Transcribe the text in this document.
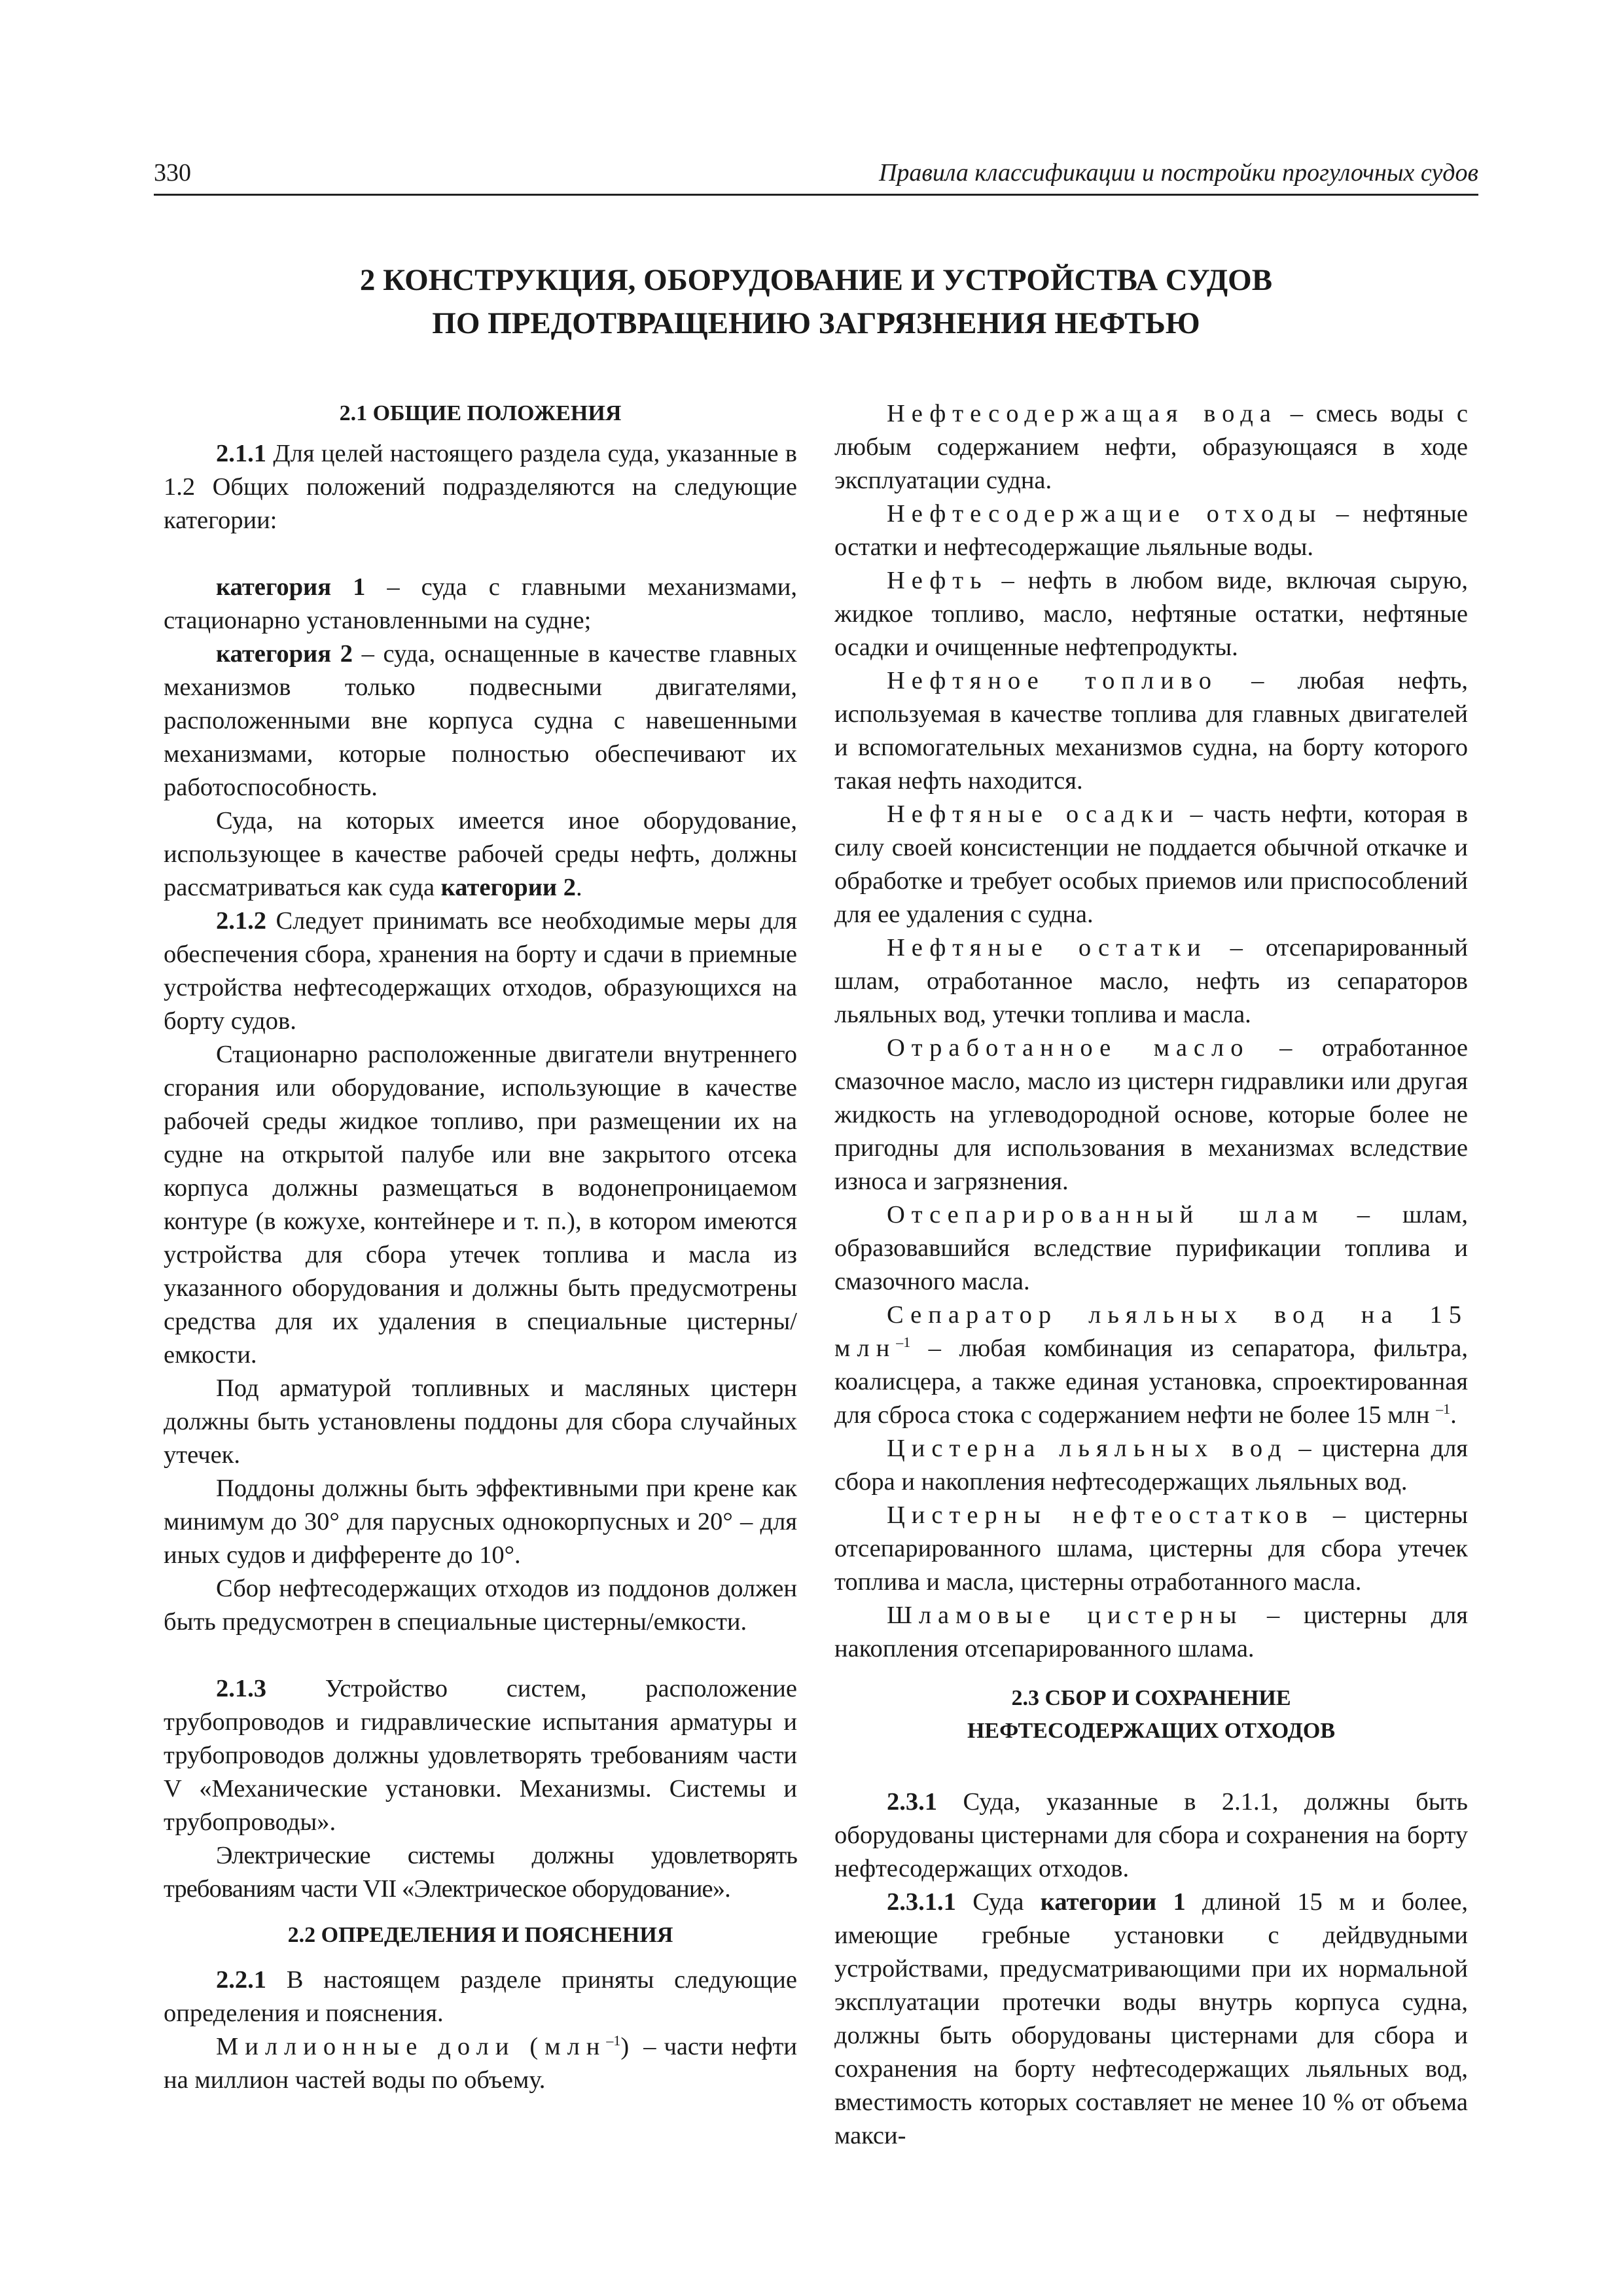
330	Правила классификации и постройки прогулочных судов
2 КОНСТРУКЦИЯ, ОБОРУДОВАНИЕ И УСТРОЙСТВА СУДОВ
ПО ПРЕДОТВРАЩЕНИЮ ЗАГРЯЗНЕНИЯ НЕФТЬЮ
2.1 ОБЩИЕ ПОЛОЖЕНИЯ

2.1.1 Для целей настоящего раздела суда, указанные в 1.2 Общих положений подразделяются на следующие категории:

категория 1 – суда с главными механизмами, стационарно установленными на судне;

категория 2 – суда, оснащенные в качестве главных механизмов только подвесными двигателями, расположенными вне корпуса судна с навешенными механизмами, которые полностью обеспечивают их работоспособность.

Суда, на которых имеется иное оборудование, использующее в качестве рабочей среды нефть, должны рассматриваться как суда категории 2.

2.1.2 Следует принимать все необходимые меры для обеспечения сбора, хранения на борту и сдачи в приемные устройства нефтесодержащих отходов, образующихся на борту судов.

Стационарно расположенные двигатели внутреннего сгорания или оборудование, использующие в качестве рабочей среды жидкое топливо, при размещении их на судне на открытой палубе или вне закрытого отсека корпуса должны размещаться в водонепроницаемом контуре (в кожухе, контейнере и т. п.), в котором имеются устройства для сбора утечек топлива и масла из указанного оборудования и должны быть предусмотрены средства для их удаления в специальные цистерны/емкости.

Под арматурой топливных и масляных цистерн должны быть установлены поддоны для сбора случайных утечек.

Поддоны должны быть эффективными при крене как минимум до 30° для парусных однокорпусных и 20° – для иных судов и дифференте до 10°.

Сбор нефтесодержащих отходов из поддонов должен быть предусмотрен в специальные цистерны/емкости.

2.1.3 Устройство систем, расположение трубопроводов и гидравлические испытания арматуры и трубопроводов должны удовлетворять требованиям части V «Механические установки. Механизмы. Системы и трубопроводы».

Электрические системы должны удовлетворять требованиям части VII «Электрическое оборудование».

2.2 ОПРЕДЕЛЕНИЯ И ПОЯСНЕНИЯ

2.2.1 В настоящем разделе приняты следующие определения и пояснения.

Миллионные доли (млн$^{-1}$) – части нефти на миллион частей воды по объему.

Нефтесодержащая вода – смесь воды с любым содержанием нефти, образующаяся в ходе эксплуатации судна.

Нефтесодержащие отходы – нефтяные остатки и нефтесодержащие льяльные воды.

Нефть – нефть в любом виде, включая сырую, жидкое топливо, масло, нефтяные остатки, нефтяные осадки и очищенные нефтепродукты.

Нефтяное топливо – любая нефть, используемая в качестве топлива для главных двигателей и вспомогательных механизмов судна, на борту которого такая нефть находится.

Нефтяные осадки – часть нефти, которая в силу своей консистенции не поддается обычной откачке и обработке и требует особых приемов или приспособлений для ее удаления с судна.

Нефтяные остатки – отсепарированный шлам, отработанное масло, нефть из сепараторов льяльных вод, утечки топлива и масла.

Отработанное масло – отработанное смазочное масло, масло из цистерн гидравлики или другая жидкость на углеводородной основе, которые более не пригодны для использования в механизмах вследствие износа и загрязнения.

Отсепарированный шлам – шлам, образовавшийся вследствие пурификации топлива и смазочного масла.

Сепаратор льяльных вод на 15 млн$^{-1}$ – любая комбинация из сепаратора, фильтра, коалисцера, а также единая установка, спроектированная для сброса стока с содержанием нефти не более 15 млн $^{-1}$.

Цистерна льяльных вод – цистерна для сбора и накопления нефтесодержащих льяльных вод.

Цистерны нефтеостатков – цистерны отсепарированного шлама, цистерны для сбора утечек топлива и масла, цистерны отработанного масла.

Шламовые цистерны – цистерны для накопления отсепарированного шлама.

2.3 СБОР И СОХРАНЕНИЕ
НЕФТЕСОДЕРЖАЩИХ ОТХОДОВ

2.3.1 Суда, указанные в 2.1.1, должны быть оборудованы цистернами для сбора и сохранения на борту нефтесодержащих отходов.

2.3.1.1 Суда категории 1 длиной 15 м и более, имеющие гребные установки с дейдвудными устройствами, предусматривающими при их нормальной эксплуатации протечки воды внутрь корпуса судна, должны быть оборудованы цистернами для сбора и сохранения на борту нефтесодержащих льяльных вод, вместимость которых составляет не менее 10 % от объема макси-
